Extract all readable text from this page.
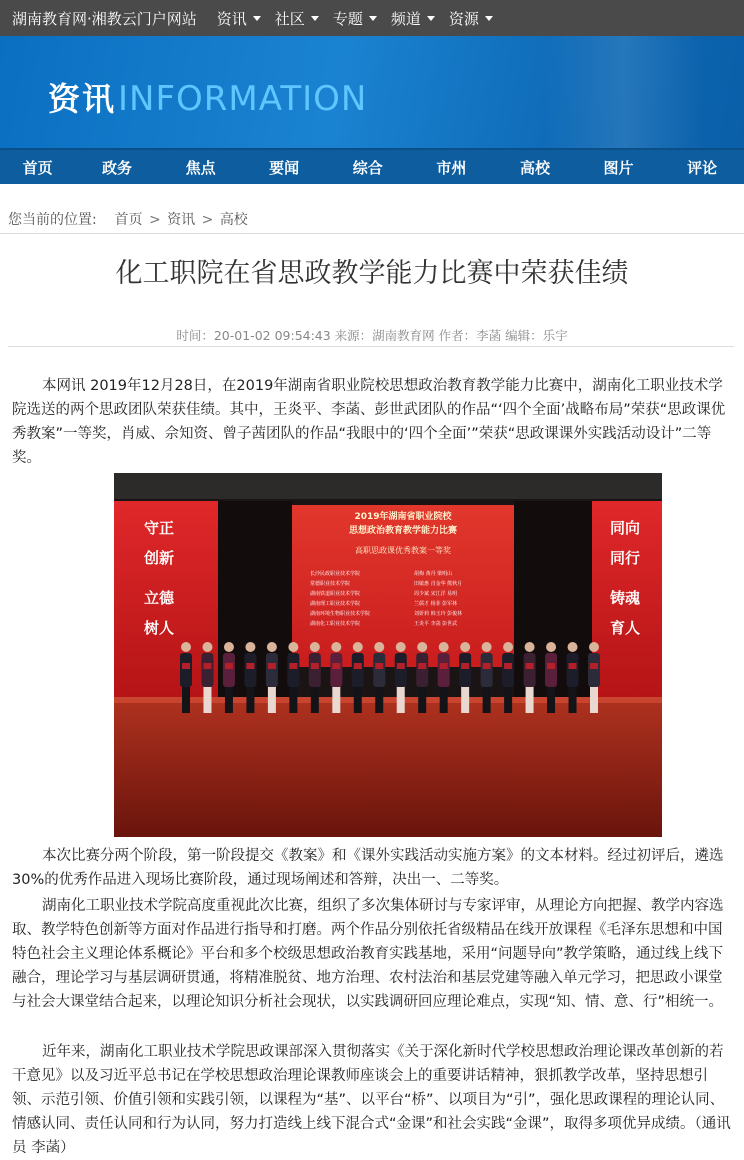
湖南教育网·湘教云门户网站 资讯 社区 专题 频道 资源
资讯 INFORMATION
首页	政务	焦点	要闻	综合	市州	高校	图片	评论
您当前的位置: 首页 > 资讯 > 高校
化工职院在省思政教学能力比赛中荣获佳绩
时间：20-01-02 09:54:43 来源：湖南教育网 作者：李菡 编辑：乐宇

本网讯 2019年12月28日，在2019年湖南省职业院校思想政治教育教学能力比赛中，湖南化工职业技术学院选送的两个思政团队荣获佳绩。其中，王炎平、李菡、彭世武团队的作品“‘四个全面’战略布局”荣获“思政课优秀教案”一等奖，肖威、佘知资、曾子茜团队的作品“我眼中的‘四个全面’”荣获“思政课课外实践活动设计”二等奖。

2019年湖南省职业院校
思想政治教育教学能力比赛
高职思政课优秀教案一等奖
长沙民政职业技术学院
常德职业技术学院
湖南铁道职业技术学院
湖南理工职业技术学院
湖南环境生物职业技术学院
湖南化工职业技术学院
胡梅 黄丹 梁明山
田敏惠 肖金华 熊秋月
周少斌 宋江洋 易明
兰儒才 杨菲 彭军林
刘妍莉 韩玉玲 彭俊林
王炎平 李菡 彭世武
守正
创新
立德
树人
同向
同行
铸魂
育人

本次比赛分两个阶段，第一阶段提交《教案》和《课外实践活动实施方案》的文本材料。经过初评后，遴选30%的优秀作品进入现场比赛阶段，通过现场阐述和答辩，决出一、二等奖。

湖南化工职业技术学院高度重视此次比赛，组织了多次集体研讨与专家评审，从理论方向把握、教学内容选取、教学特色创新等方面对作品进行指导和打磨。两个作品分别依托省级精品在线开放课程《毛泽东思想和中国特色社会主义理论体系概论》平台和多个校级思想政治教育实践基地，采用“问题导向”教学策略，通过线上线下融合，理论学习与基层调研贯通，将精准脱贫、地方治理、农村法治和基层党建等融入单元学习，把思政小课堂与社会大课堂结合起来，以理论知识分析社会现状，以实践调研回应理论难点，实现“知、情、意、行”相统一。

近年来，湖南化工职业技术学院思政课部深入贯彻落实《关于深化新时代学校思想政治理论课改革创新的若干意见》以及习近平总书记在学校思想政治理论课教师座谈会上的重要讲话精神，狠抓教学改革，坚持思想引领、示范引领、价值引领和实践引领，以课程为“基”、以平台“桥”、以项目为“引”，强化思政课程的理论认同、情感认同、责任认同和行为认同，努力打造线上线下混合式“金课”和社会实践“金课”，取得多项优异成绩。（通讯员 李菡）
